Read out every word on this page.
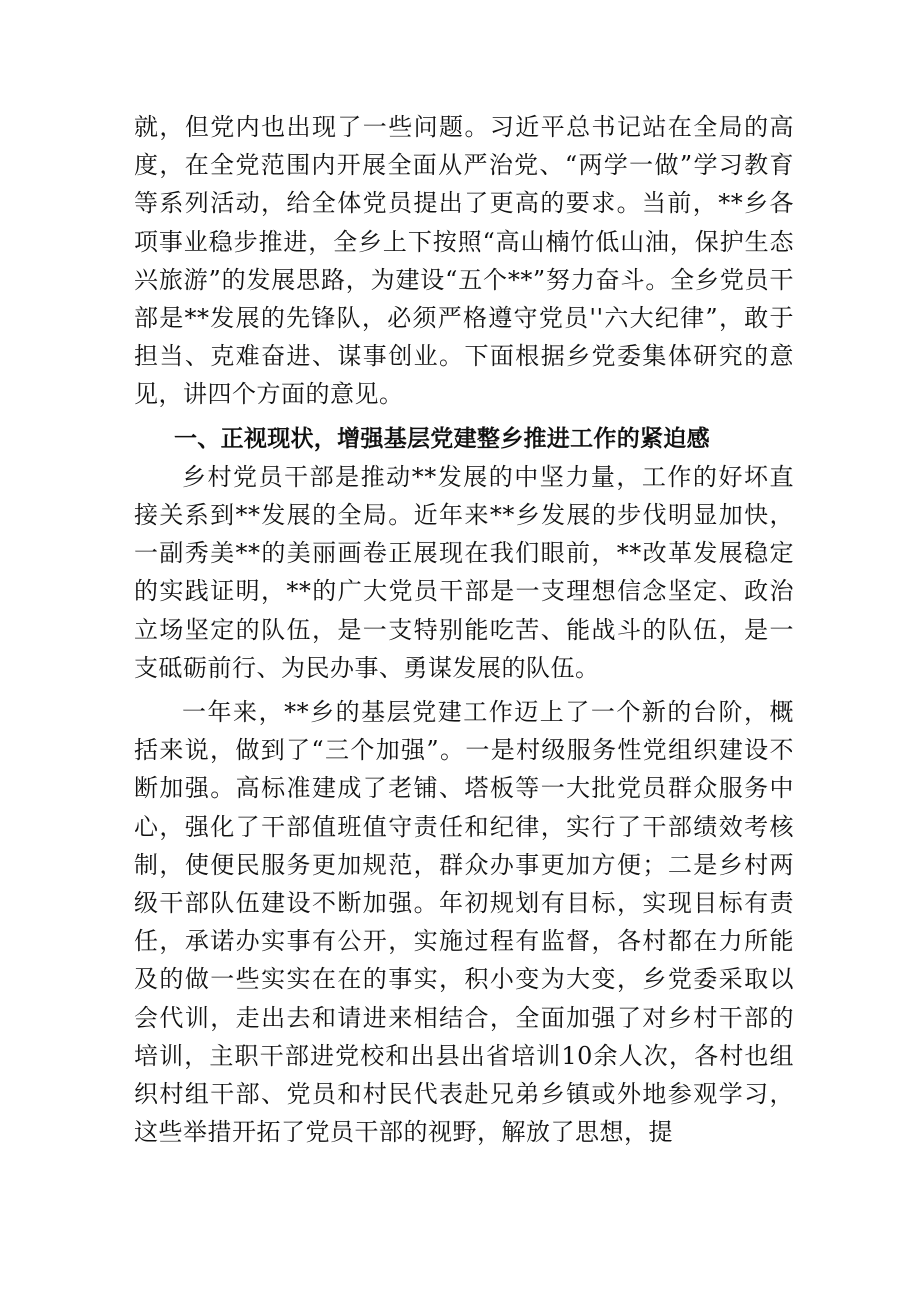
就，但党内也出现了一些问题。习近平总书记站在全局的高度，在全党范围内开展全面从严治党、“两学一做”学习教育等系列活动，给全体党员提出了更高的要求。当前，**乡各项事业稳步推进，全乡上下按照“高山楠竹低山油，保护生态兴旅游”的发展思路，为建设“五个**”努力奋斗。全乡党员干部是**发展的先锋队，必须严格遵守党员''六大纪律”，敢于担当、克难奋进、谋事创业。下面根据乡党委集体研究的意见，讲四个方面的意见。

一、正视现状，增强基层党建整乡推进工作的紧迫感

乡村党员干部是推动**发展的中坚力量，工作的好坏直接关系到**发展的全局。近年来**乡发展的步伐明显加快，一副秀美**的美丽画卷正展现在我们眼前，**改革发展稳定的实践证明，**的广大党员干部是一支理想信念坚定、政治立场坚定的队伍，是一支特别能吃苦、能战斗的队伍，是一支砥砺前行、为民办事、勇谋发展的队伍。

一年来，**乡的基层党建工作迈上了一个新的台阶，概括来说，做到了“三个加强”。一是村级服务性党组织建设不断加强。高标准建成了老铺、塔板等一大批党员群众服务中心，强化了干部值班值守责任和纪律，实行了干部绩效考核制，使便民服务更加规范，群众办事更加方便；二是乡村两级干部队伍建设不断加强。年初规划有目标，实现目标有责任，承诺办实事有公开，实施过程有监督，各村都在力所能及的做一些实实在在的事实，积小变为大变，乡党委采取以会代训，走出去和请进来相结合，全面加强了对乡村干部的培训，主职干部进党校和出县出省培训10余人次，各村也组织村组干部、党员和村民代表赴兄弟乡镇或外地参观学习，这些举措开拓了党员干部的视野，解放了思想，提
